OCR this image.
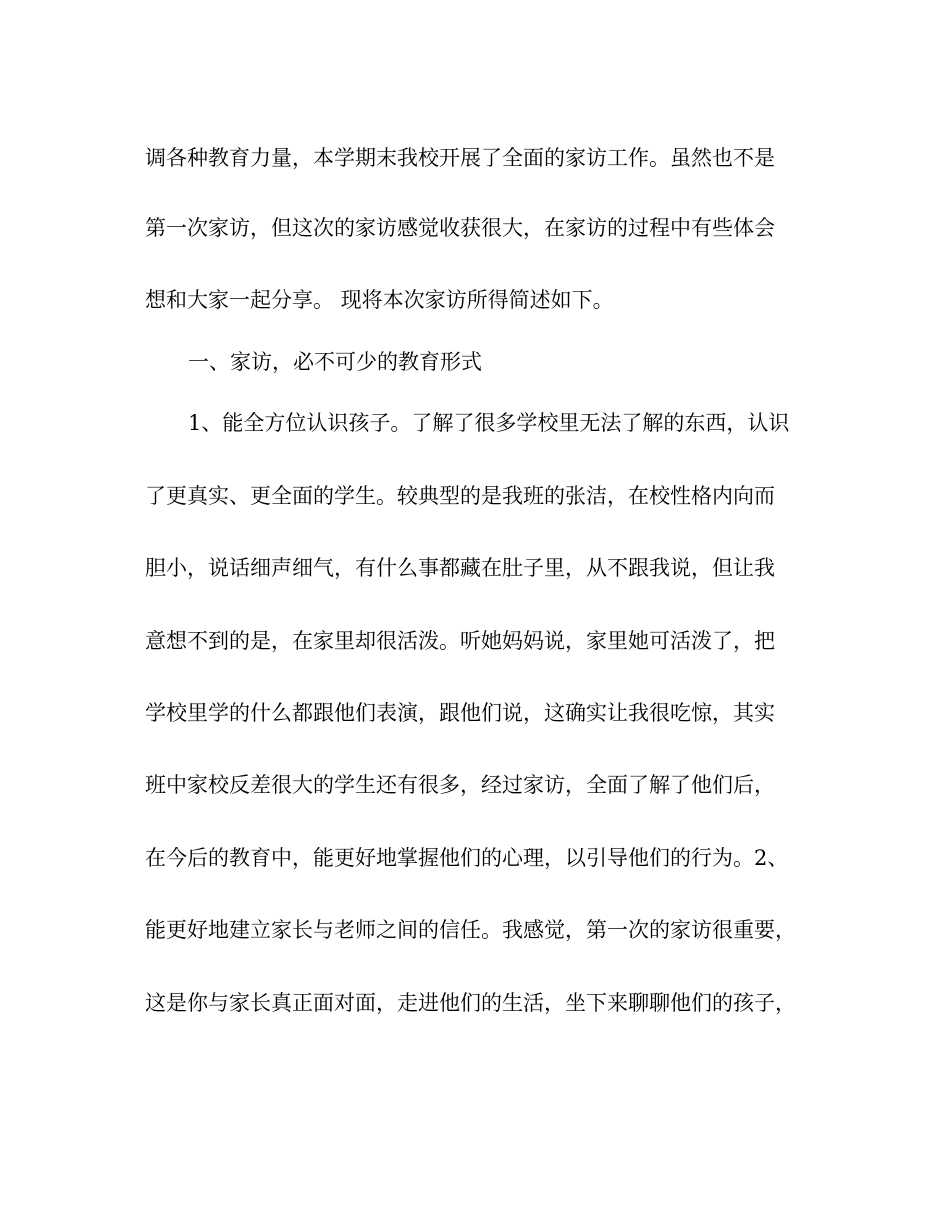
调各种教育力量，本学期末我校开展了全面的家访工作。虽然也不是

第一次家访，但这次的家访感觉收获很大，在家访的过程中有些体会

想和大家一起分享。 现将本次家访所得简述如下。

一、家访，必不可少的教育形式

1、能全方位认识孩子。了解了很多学校里无法了解的东西，认识

了更真实、更全面的学生。较典型的是我班的张洁，在校性格内向而

胆小，说话细声细气，有什么事都藏在肚子里，从不跟我说，但让我

意想不到的是，在家里却很活泼。听她妈妈说，家里她可活泼了，把

学校里学的什么都跟他们表演，跟他们说，这确实让我很吃惊，其实

班中家校反差很大的学生还有很多，经过家访，全面了解了他们后，

在今后的教育中，能更好地掌握他们的心理，以引导他们的行为。2、

能更好地建立家长与老师之间的信任。我感觉，第一次的家访很重要，

这是你与家长真正面对面，走进他们的生活，坐下来聊聊他们的孩子，
